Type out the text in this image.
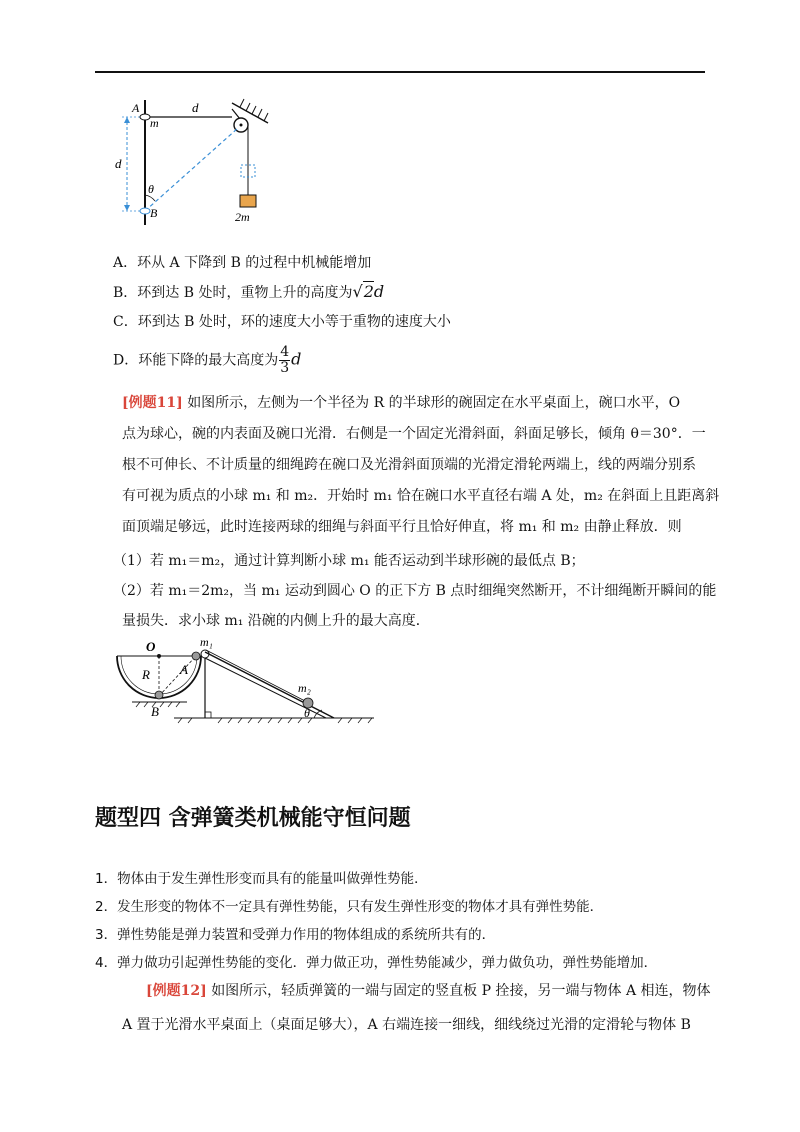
A
m
d
d
θ
B	2m
A．环从 A 下降到 B 的过程中机械能增加
B．环到达 B 处时，重物上升的高度为√2d
C．环到达 B 处时，环的速度大小等于重物的速度大小
D．环能下降的最大高度为 $\frac{4}{3}$ d
[例题11] 如图所示，左侧为一个半径为 R 的半球形的碗固定在水平桌面上，碗口水平，O
点为球心，碗的内表面及碗口光滑．右侧是一个固定光滑斜面，斜面足够长，倾角 θ＝30°．一
根不可伸长、不计质量的细绳跨在碗口及光滑斜面顶端的光滑定滑轮两端上，线的两端分别系
有可视为质点的小球 m₁ 和 m₂．开始时 m₁ 恰在碗口水平直径右端 A 处，m₂ 在斜面上且距离斜
面顶端足够远，此时连接两球的细绳与斜面平行且恰好伸直，将 m₁ 和 m₂ 由静止释放．则
（1）若 m₁＝m₂，通过计算判断小球 m₁ 能否运动到半球形碗的最低点 B；
（2）若 m₁＝2m₂，当 m₁ 运动到圆心 O 的正下方 B 点时细绳突然断开，不计细绳断开瞬间的能
量损失．求小球 m₁ 沿碗的内侧上升的最大高度．
O
R A
B
m₁
m₂
θ
题型四 含弹簧类机械能守恒问题
1．物体由于发生弹性形变而具有的能量叫做弹性势能．
2．发生形变的物体不一定具有弹性势能，只有发生弹性形变的物体才具有弹性势能．
3．弹性势能是弹力装置和受弹力作用的物体组成的系统所共有的．
4．弹力做功引起弹性势能的变化．弹力做正功，弹性势能减少，弹力做负功，弹性势能增加．
[例题12] 如图所示，轻质弹簧的一端与固定的竖直板 P 拴接，另一端与物体 A 相连，物体
A 置于光滑水平桌面上（桌面足够大），A 右端连接一细线，细线绕过光滑的定滑轮与物体 B
